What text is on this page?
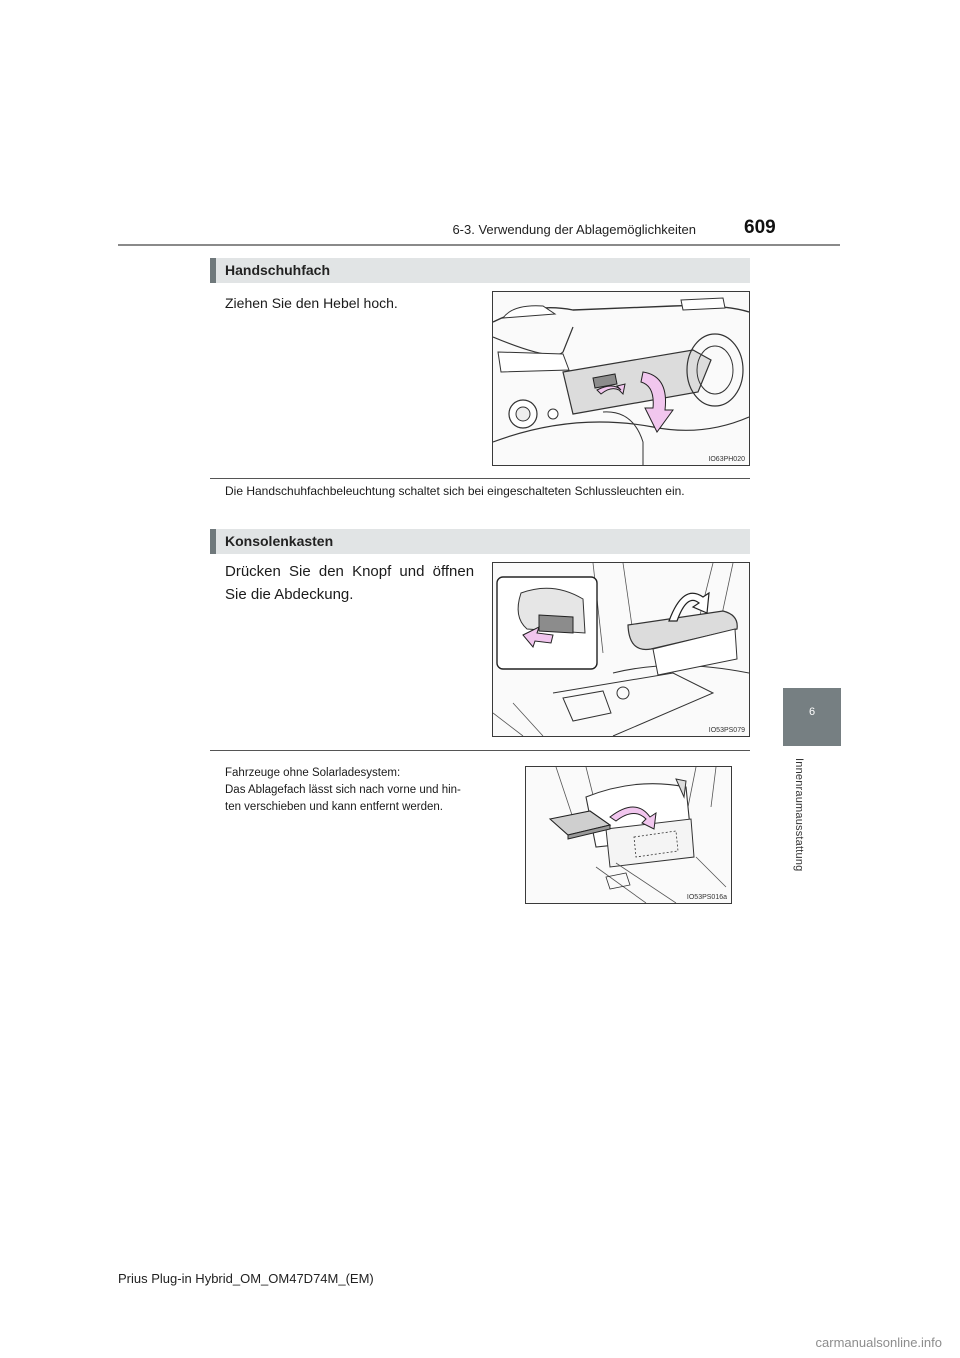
6-3. Verwendung der Ablagemöglichkeiten	609
6
Innenraumausstattung
Handschuhfach
Ziehen Sie den Hebel hoch.
IO63PH020
Die Handschuhfachbeleuchtung schaltet sich bei eingeschalteten Schlussleuchten ein.
Konsolenkasten
Drücken Sie den Knopf und öffnen
Sie die Abdeckung.
IO53PS079
Fahrzeuge ohne Solarladesystem:
Das Ablagefach lässt sich nach vorne und hin-
ten verschieben und kann entfernt werden.
IO53PS016a
Prius Plug-in Hybrid_OM_OM47D74M_(EM)
carmanualsonline.info
